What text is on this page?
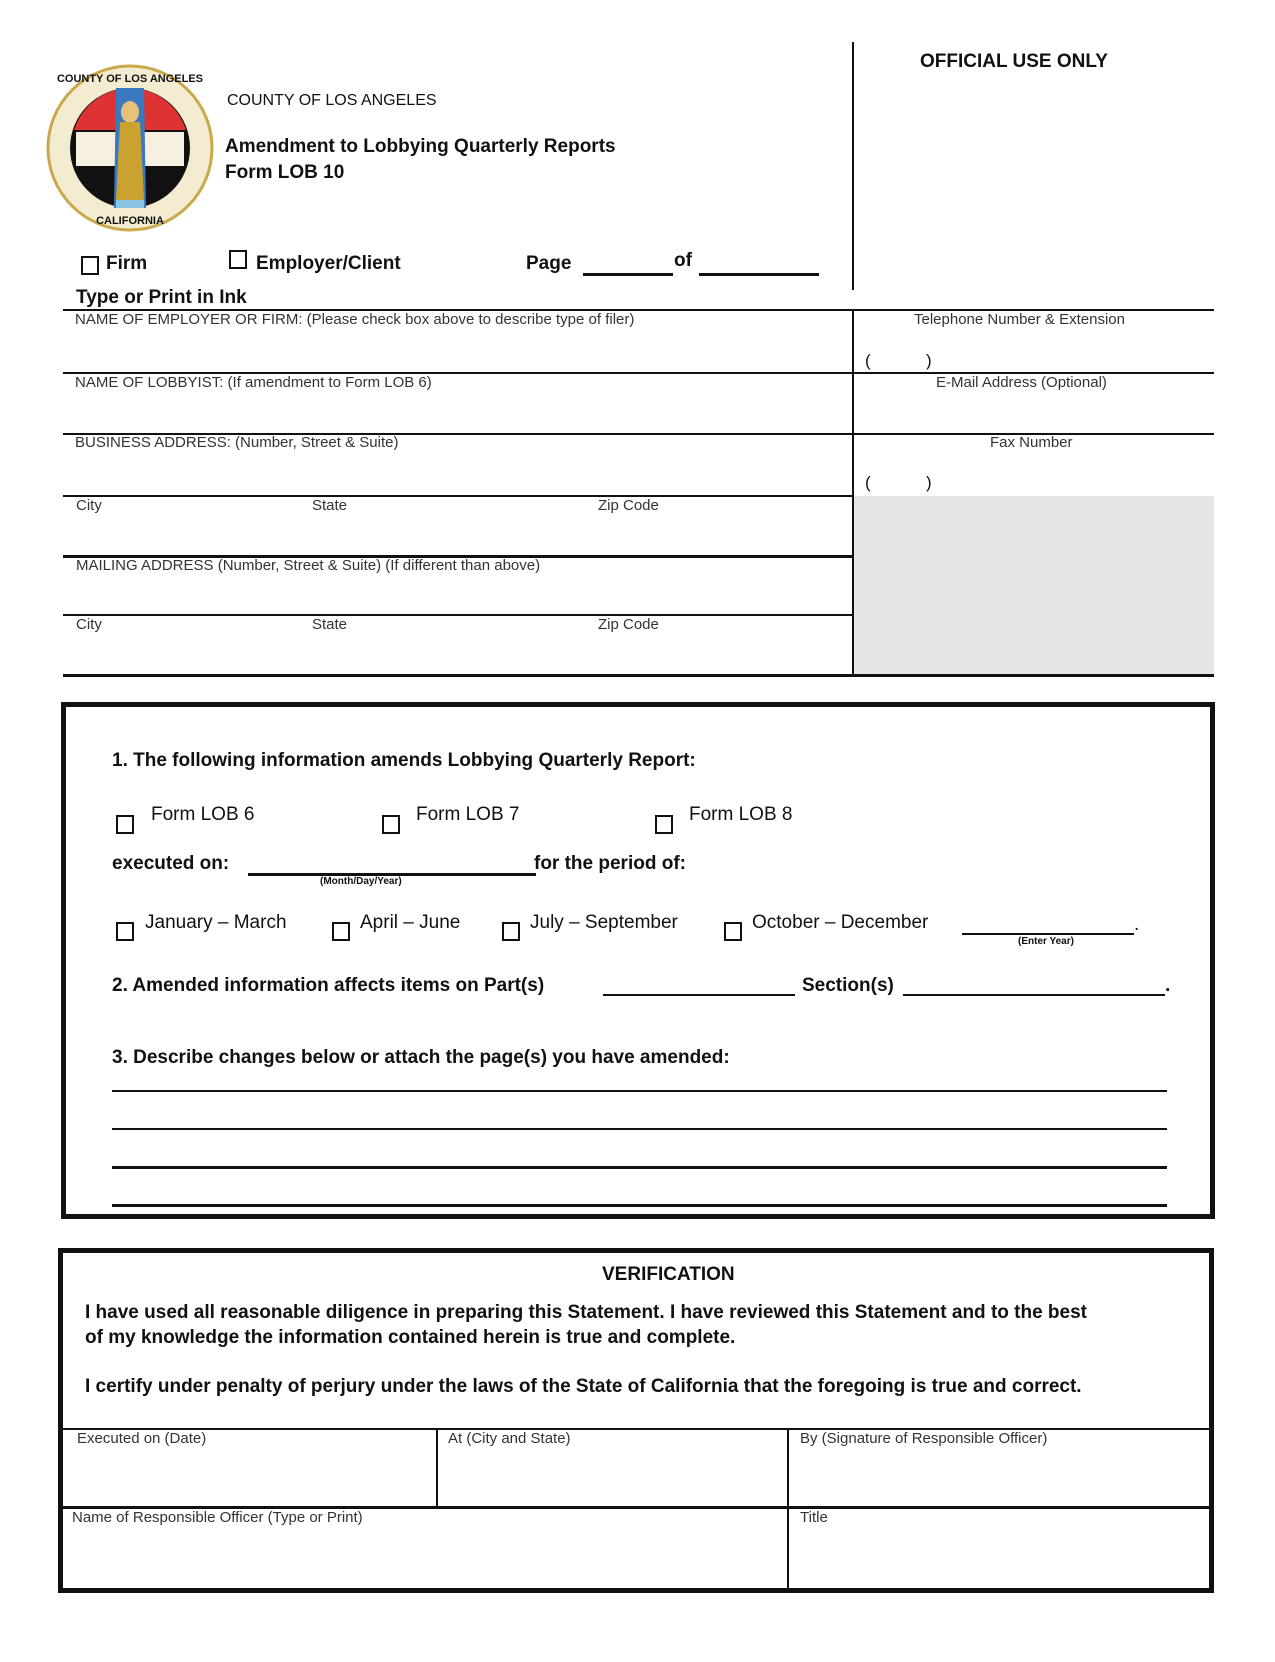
COUNTY OF LOS ANGELES
CALIFORNIA
COUNTY OF LOS ANGELES
Amendment to Lobbying Quarterly Reports
Form LOB 10
OFFICIAL USE ONLY
Firm	Employer/Client	Page	of
Type or Print in Ink
NAME OF EMPLOYER OR FIRM: (Please check box above to describe type of filer)
NAME OF LOBBYIST: (If amendment to Form LOB 6)
BUSINESS ADDRESS: (Number, Street & Suite)
City	State	Zip Code
MAILING ADDRESS (Number, Street & Suite) (If different than above)
City	State	Zip Code
Telephone Number & Extension
(	)
E-Mail Address (Optional)
Fax Number
(	)
1. The following information amends Lobbying Quarterly Report:
Form LOB 6	Form LOB 7	Form LOB 8
executed on:
(Month/Day/Year)
for the period of:
January – March	April – June	July – September	October – December	.
(Enter Year)
2. Amended information affects items on Part(s)	Section(s)	.
3. Describe changes below or attach the page(s) you have amended:
VERIFICATION
I have used all reasonable diligence in preparing this Statement. I have reviewed this Statement and to the best
of my knowledge the information contained herein is true and complete.
I certify under penalty of perjury under the laws of the State of California that the foregoing is true and correct.
Executed on (Date)	At (City and State)	By (Signature of Responsible Officer)
Name of Responsible Officer (Type or Print)	Title
